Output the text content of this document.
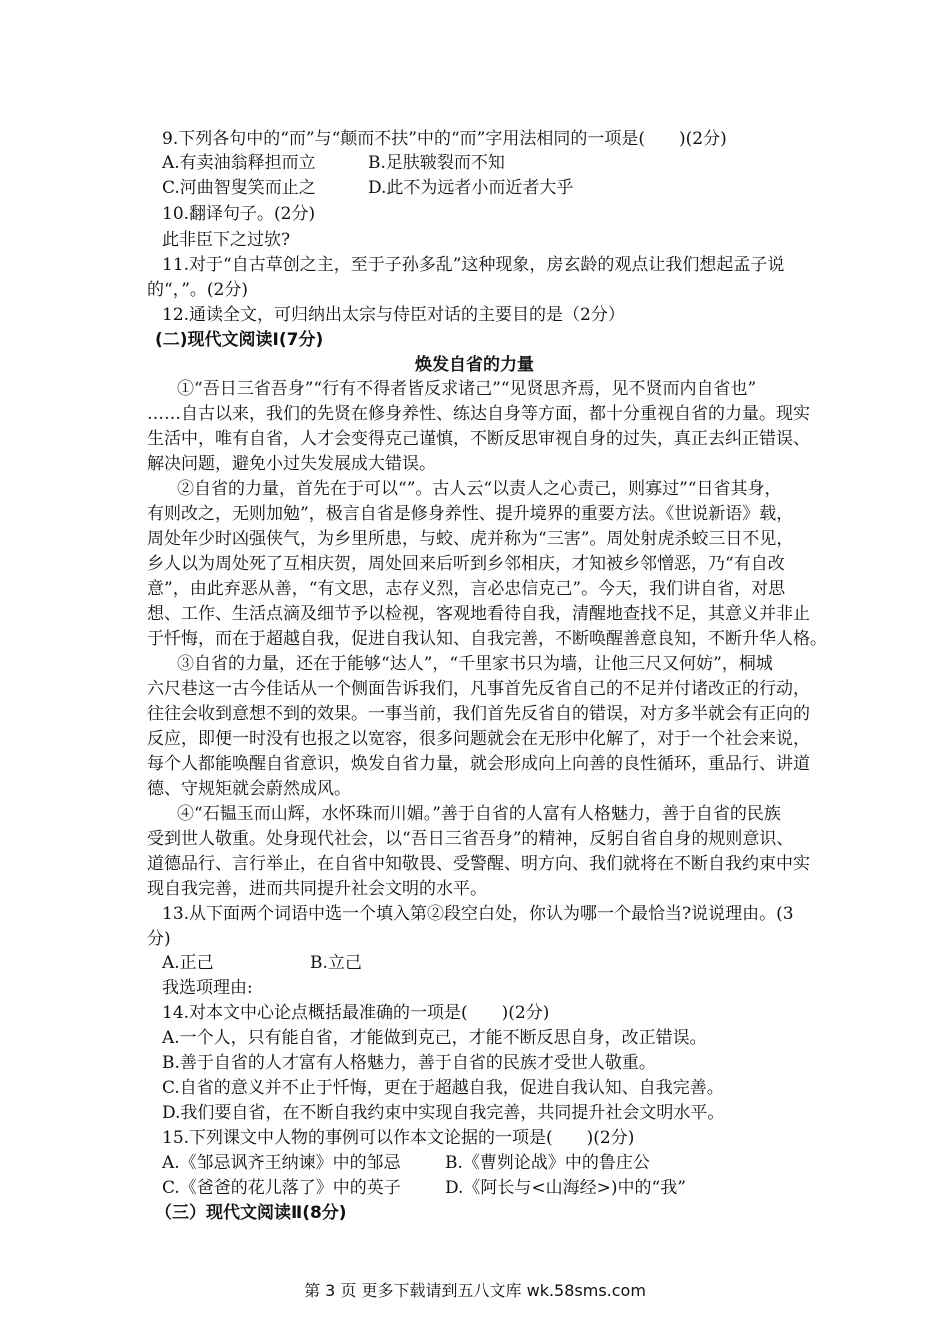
9.下列各句中的“而”与“颠而不扶”中的“而”字用法相同的一项是(　　)(2分)
A.有卖油翁释担而立	B.足肤皲裂而不知
C.河曲智叟笑而止之	D.此不为远者小而近者大乎
10.翻译句子。(2分)
此非臣下之过欤?
11.对于“自古草创之主，至于子孙多乱”这种现象，房玄龄的观点让我们想起孟子说
的“，”。(2分)
12.通读全文，可归纳出太宗与侍臣对话的主要目的是（2分）
(二)现代文阅读Ⅰ(7分)
焕发自省的力量
①“吾日三省吾身”“行有不得者皆反求诸己”“见贤思齐焉，见不贤而内自省也”
……自古以来，我们的先贤在修身养性、练达自身等方面，都十分重视自省的力量。现实
生活中，唯有自省，人才会变得克己谨慎，不断反思审视自身的过失，真正去纠正错误、
解决问题，避免小过失发展成大错误。
②自省的力量，首先在于可以“”。古人云“以责人之心责己，则寡过”“日省其身，
有则改之，无则加勉”，极言自省是修身养性、提升境界的重要方法。《世说新语》载，
周处年少时凶强侠气，为乡里所患，与蛟、虎并称为“三害”。周处射虎杀蛟三日不见，
乡人以为周处死了互相庆贺，周处回来后听到乡邻相庆，才知被乡邻憎恶，乃“有自改
意”，由此弃恶从善，“有文思，志存义烈，言必忠信克己”。今天，我们讲自省，对思
想、工作、生活点滴及细节予以检视，客观地看待自我，清醒地查找不足，其意义并非止
于忏悔，而在于超越自我，促进自我认知、自我完善，不断唤醒善意良知，不断升华人格。
③自省的力量，还在于能够“达人”，“千里家书只为墙，让他三尺又何妨”，桐城
六尺巷这一古今佳话从一个侧面告诉我们，凡事首先反省自己的不足并付诸改正的行动，
往往会收到意想不到的效果。一事当前，我们首先反省自的错误，对方多半就会有正向的
反应，即便一时没有也报之以宽容，很多问题就会在无形中化解了，对于一个社会来说，
每个人都能唤醒自省意识，焕发自省力量，就会形成向上向善的良性循环，重品行、讲道
德、守规矩就会蔚然成风。
④“石韫玉而山辉，水怀珠而川媚。”善于自省的人富有人格魅力，善于自省的民族
受到世人敬重。处身现代社会，以“吾日三省吾身”的精神，反躬自省自身的规则意识、
道德品行、言行举止，在自省中知敬畏、受警醒、明方向、我们就将在不断自我约束中实
现自我完善，进而共同提升社会文明的水平。
13.从下面两个词语中选一个填入第②段空白处，你认为哪一个最恰当?说说理由。(3
分)
A.正己	B.立己
我选项理由:
14.对本文中心论点概括最准确的一项是(　　)(2分)
A.一个人，只有能自省，才能做到克己，才能不断反思自身，改正错误。
B.善于自省的人才富有人格魅力，善于自省的民族才受世人敬重。
C.自省的意义并不止于忏悔，更在于超越自我，促进自我认知、自我完善。
D.我们要自省，在不断自我约束中实现自我完善，共同提升社会文明水平。
15.下列课文中人物的事例可以作本文论据的一项是(　　)(2分)
A.《邹忌讽齐王纳谏》中的邹忌	B.《曹刿论战》中的鲁庄公
C.《爸爸的花儿落了》中的英子	D.《阿长与<山海经>)中的“我”
（三）现代文阅读Ⅱ(8分)
第 3 页 更多下载请到五八文库 wk.58sms.com
